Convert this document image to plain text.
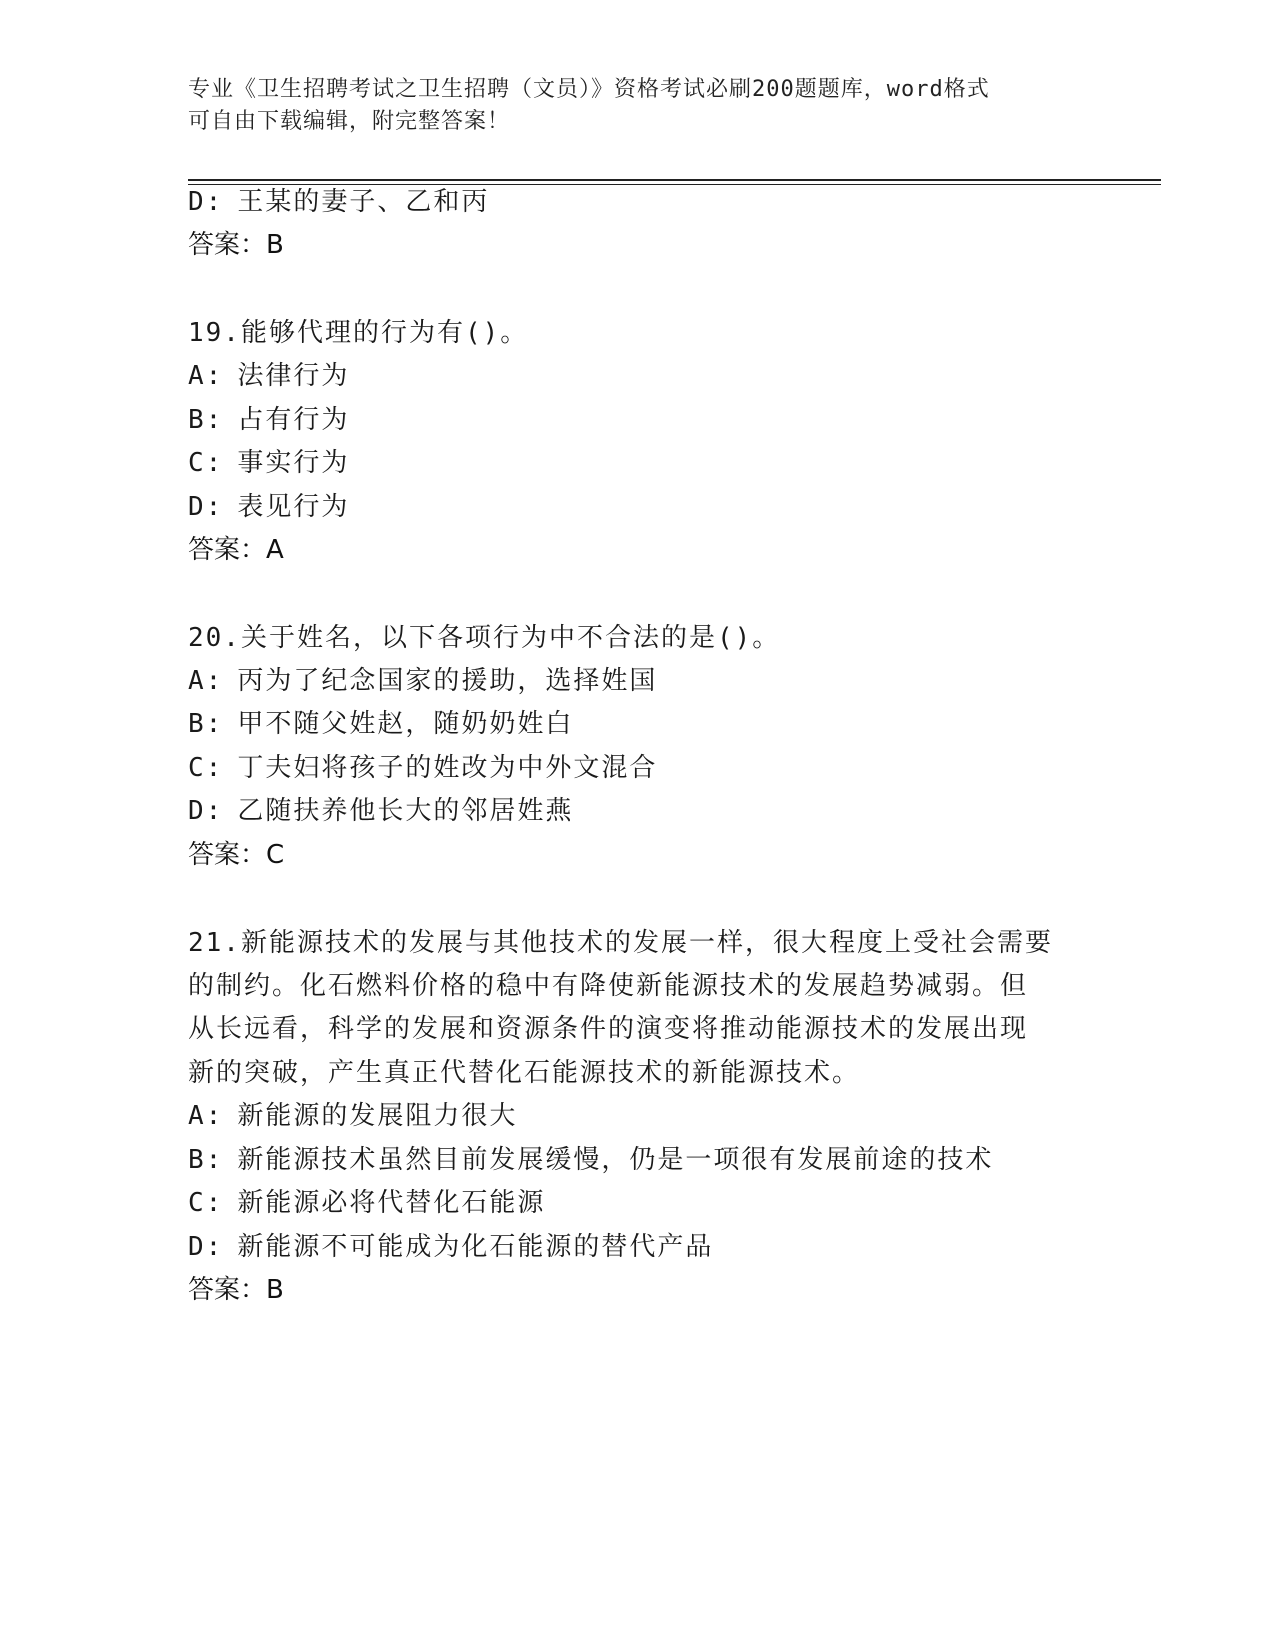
专业《卫生招聘考试之卫生招聘（文员）》资格考试必刷200题题库，word格式
可自由下载编辑，附完整答案！
D: 王某的妻子、乙和丙
答案：B
19.能够代理的行为有()。
A: 法律行为
B: 占有行为
C: 事实行为
D: 表见行为
答案：A
20.关于姓名，以下各项行为中不合法的是()。
A: 丙为了纪念国家的援助，选择姓国
B: 甲不随父姓赵，随奶奶姓白
C: 丁夫妇将孩子的姓改为中外文混合
D: 乙随扶养他长大的邻居姓燕
答案：C
21.新能源技术的发展与其他技术的发展一样，很大程度上受社会需要
的制约。化石燃料价格的稳中有降使新能源技术的发展趋势减弱。但
从长远看，科学的发展和资源条件的演变将推动能源技术的发展出现
新的突破，产生真正代替化石能源技术的新能源技术。
A: 新能源的发展阻力很大
B: 新能源技术虽然目前发展缓慢，仍是一项很有发展前途的技术
C: 新能源必将代替化石能源
D: 新能源不可能成为化石能源的替代产品
答案：B
